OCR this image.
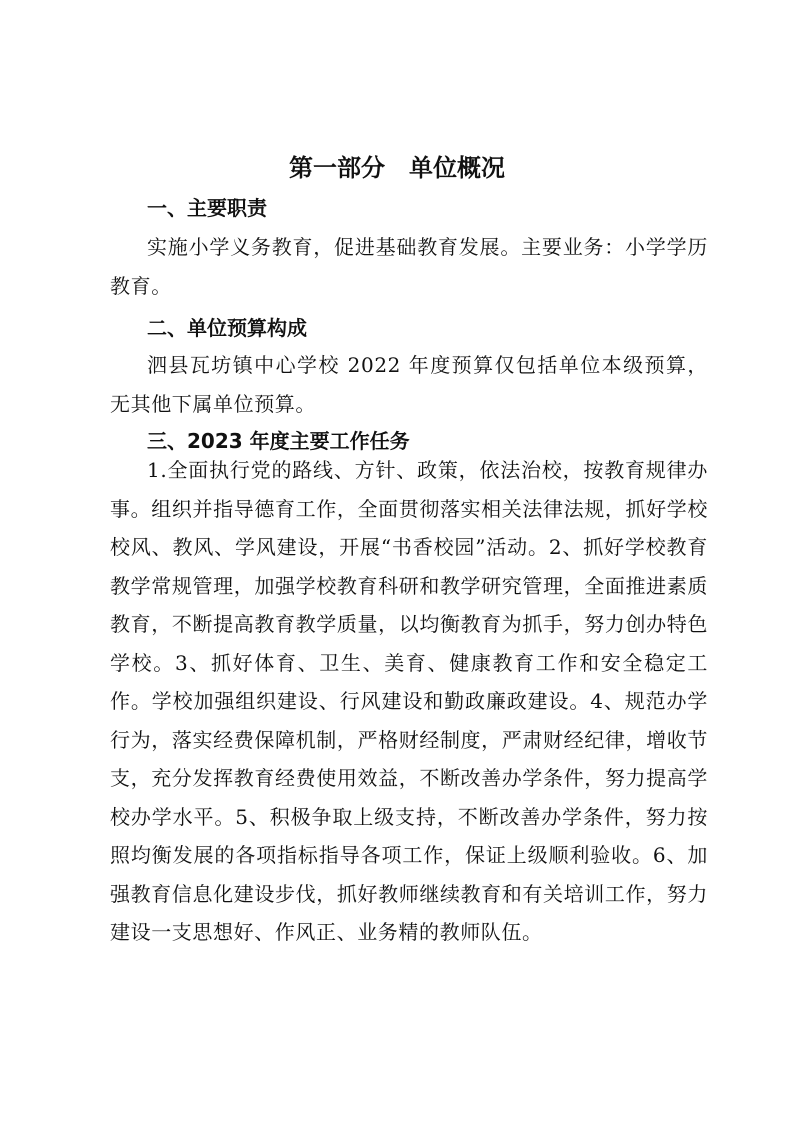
第一部分　单位概况
一、主要职责
实施小学义务教育，促进基础教育发展。主要业务：小学学历教育。
二、单位预算构成
泗县瓦坊镇中心学校 2022 年度预算仅包括单位本级预算，无其他下属单位预算。
三、2023 年度主要工作任务
1.全面执行党的路线、方针、政策，依法治校，按教育规律办事。组织并指导德育工作，全面贯彻落实相关法律法规，抓好学校校风、教风、学风建设，开展“书香校园”活动。2、抓好学校教育教学常规管理，加强学校教育科研和教学研究管理，全面推进素质教育，不断提高教育教学质量，以均衡教育为抓手，努力创办特色学校。3、抓好体育、卫生、美育、健康教育工作和安全稳定工作。学校加强组织建设、行风建设和勤政廉政建设。4、规范办学行为，落实经费保障机制，严格财经制度，严肃财经纪律，增收节支，充分发挥教育经费使用效益，不断改善办学条件，努力提高学校办学水平。5、积极争取上级支持，不断改善办学条件，努力按照均衡发展的各项指标指导各项工作，保证上级顺利验收。6、加强教育信息化建设步伐，抓好教师继续教育和有关培训工作，努力建设一支思想好、作风正、业务精的教师队伍。
